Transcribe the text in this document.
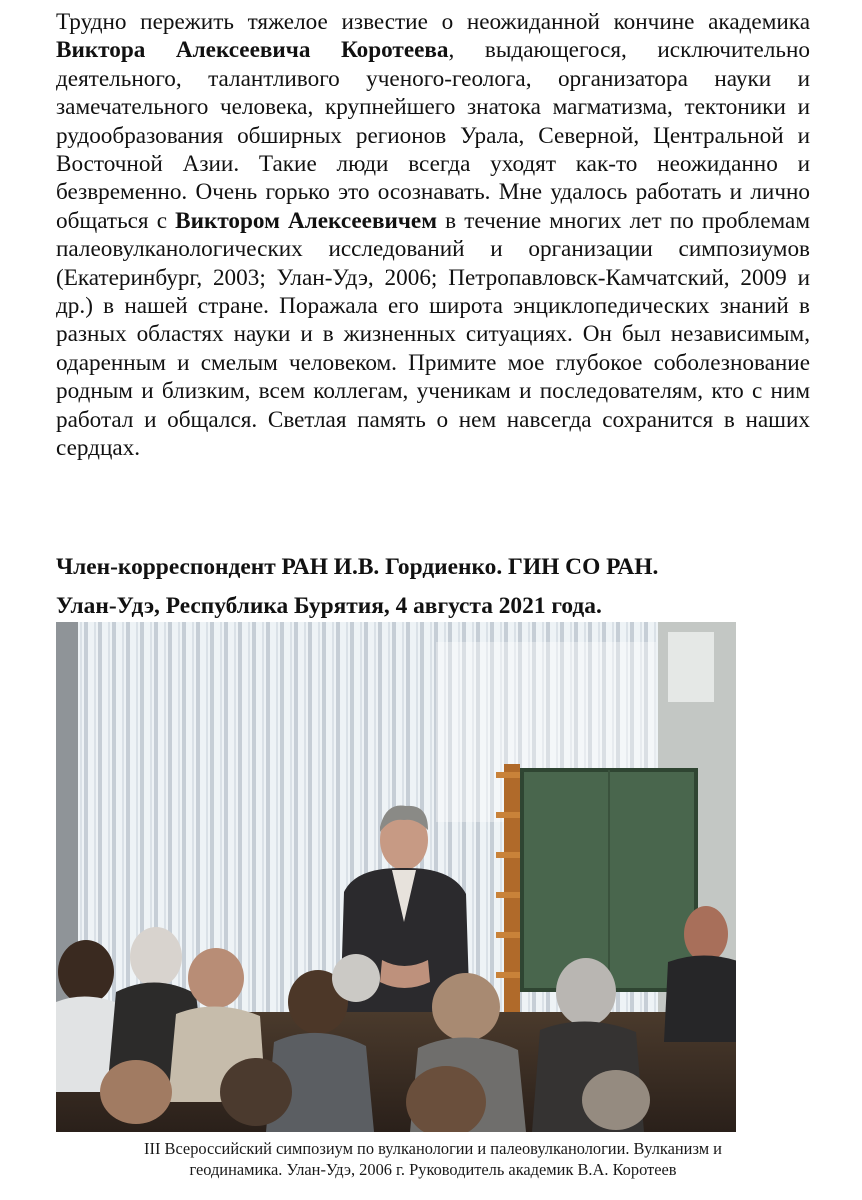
Трудно пережить тяжелое известие о неожиданной кончине академика Виктора Алексеевича Коротеева, выдающегося, исключительно деятельного, талантливого ученого-геолога, организатора науки и замечательного человека, крупнейшего знатока магматизма, тектоники и рудообразования обширных регионов Урала, Северной, Центральной и Восточной Азии. Такие люди всегда уходят как-то неожиданно и безвременно. Очень горько это осознавать. Мне удалось работать и лично общаться с Виктором Алексеевичем в течение многих лет по проблемам палеовулканологических исследований и организации симпозиумов (Екатеринбург, 2003; Улан-Удэ, 2006; Петропавловск-Камчатский, 2009 и др.) в нашей стране. Поражала его широта энциклопедических знаний в разных областях науки и в жизненных ситуациях. Он был независимым, одаренным и смелым человеком. Примите мое глубокое соболезнование родным и близким, всем коллегам, ученикам и последователям, кто с ним работал и общался. Светлая память о нем навсегда сохранится в наших сердцах.

Член-корреспондент РАН И.В. Гордиенко. ГИН СО РАН.

Улан-Удэ, Республика Бурятия, 4 августа 2021 года.

III Всероссийский симпозиум по вулканологии и палеовулканологии. Вулканизм и
геодинамика. Улан-Удэ, 2006 г. Руководитель академик В.А. Коротеев
